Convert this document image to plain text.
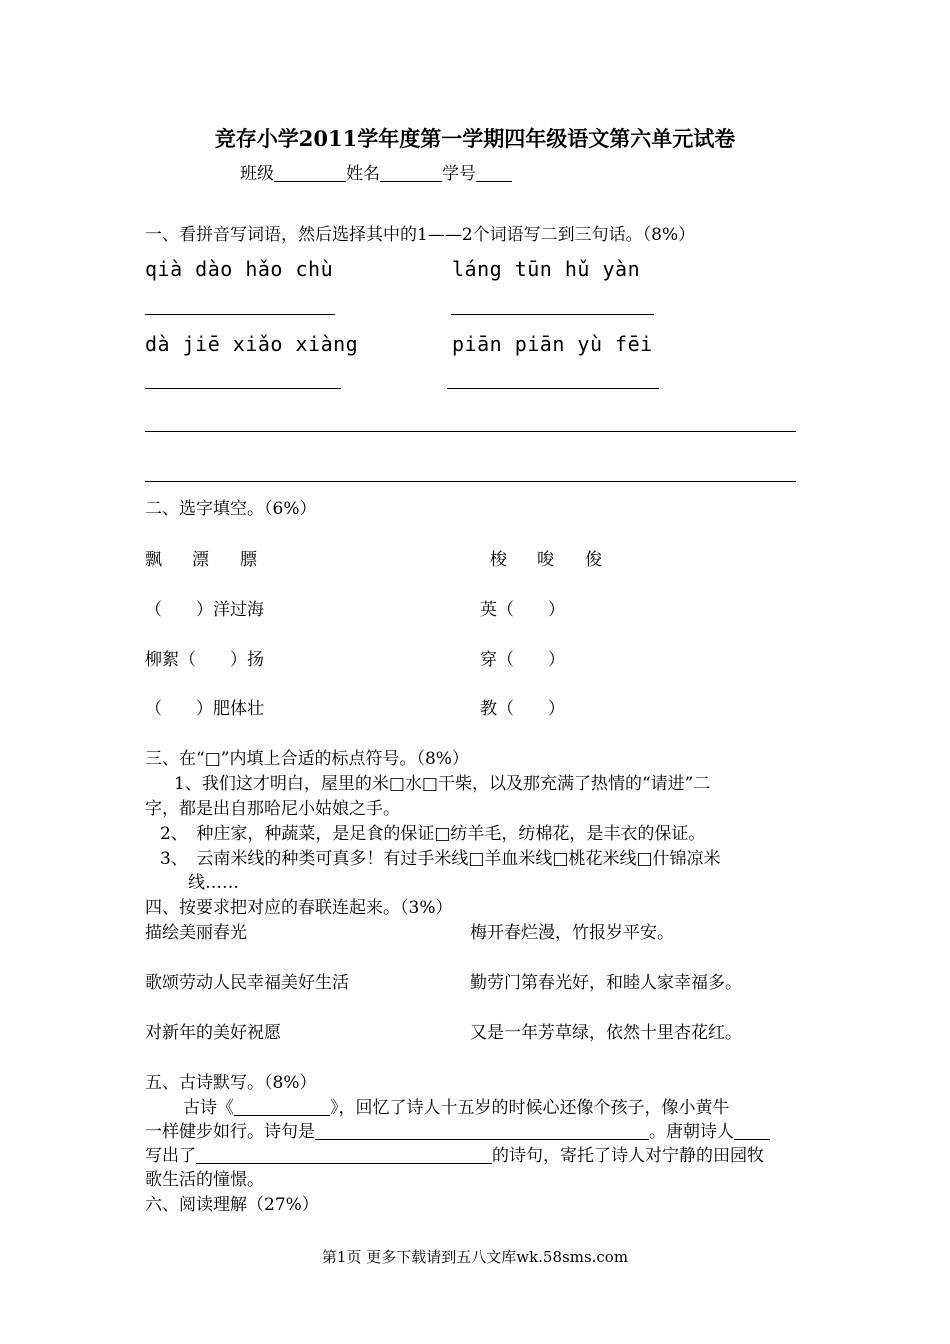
竞存小学2011学年度第一学期四年级语文第六单元试卷
班级	姓名	学号
一、看拼音写词语，然后选择其中的1——2个词语写二到三句话。（8%）
qià dào hǎo chù	láng tūn hǔ yàn
dà jiē xiǎo xiàng	piān piān yù fēi
二、选字填空。（6%）
飘 漂 膘	梭 唆 俊
（　　）洋过海	英（　　）
柳絮（　　）扬	穿（　　）
（　　）肥体壮	教（　　）
三、在“□”内填上合适的标点符号。（8%）
1、我们这才明白，屋里的米□水□干柴，以及那充满了热情的“请进”二
字，都是出自那哈尼小姑娘之手。
2、　种庄家，种蔬菜，是足食的保证□纺羊毛，纺棉花，是丰衣的保证。
3、　云南米线的种类可真多！有过手米线□羊血米线□桃花米线□什锦凉米
线……
四、按要求把对应的春联连起来。（3%）
描绘美丽春光	梅开春烂漫，竹报岁平安。
歌颂劳动人民幸福美好生活	勤劳门第春光好，和睦人家幸福多。
对新年的美好祝愿	又是一年芳草绿，依然十里杏花红。
五、古诗默写。（8%）
古诗《	》，回忆了诗人十五岁的时候心还像个孩子，像小黄牛
一样健步如行。诗句是	。唐朝诗人
写出了	的诗句，寄托了诗人对宁静的田园牧
歌生活的憧憬。
六、阅读理解（27%）
第1页 更多下载请到五八文库wk.58sms.com
